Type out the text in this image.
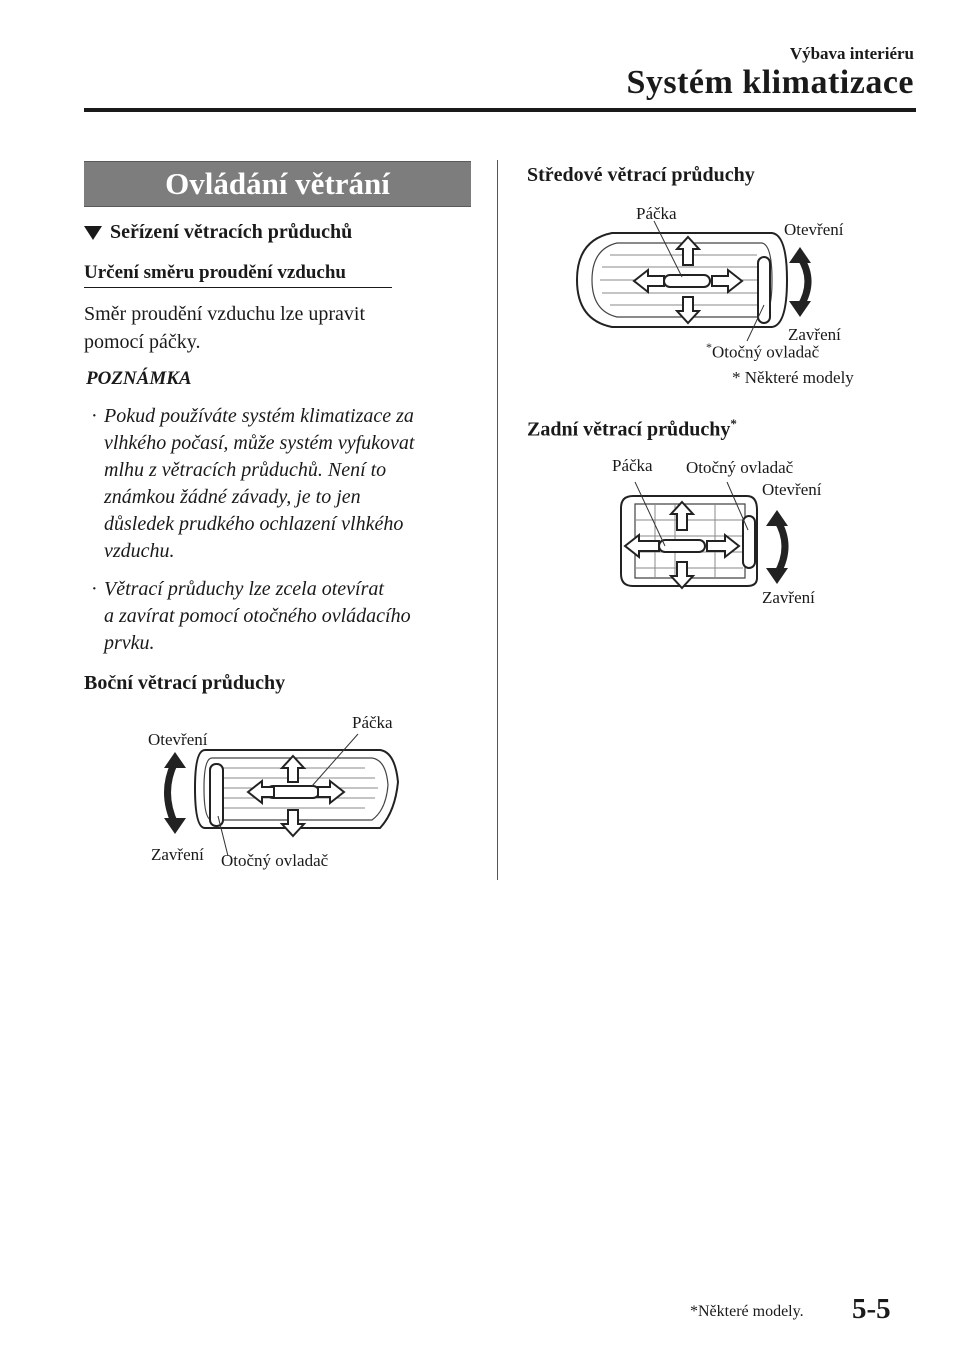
Výbava interiéru
Systém klimatizace
Ovládání větrání
Seřízení větracích průduchů
Určení směru proudění vzduchu
Směr proudění vzduchu lze upravit
pomocí páčky.
POZNÁMKA
· Pokud používáte systém klimatizace za
vlhkého počasí, může systém vyfukovat
mlhu z větracích průduchů. Není to
známkou žádné závady, je to jen
důsledek prudkého ochlazení vlhkého
vzduchu.
· Větrací průduchy lze zcela otevírat
a zavírat pomocí otočného ovládacího
prvku.
Boční větrací průduchy
Otevření
Páčka
Zavření Otočný ovladač
Středové větrací průduchy
Páčka
Otevření
Zavření
*Otočný ovladač
* Některé modely
Zadní větrací průduchy*
Páčka Otočný ovladač
Otevření
Zavření
*Některé modely. 5-5
